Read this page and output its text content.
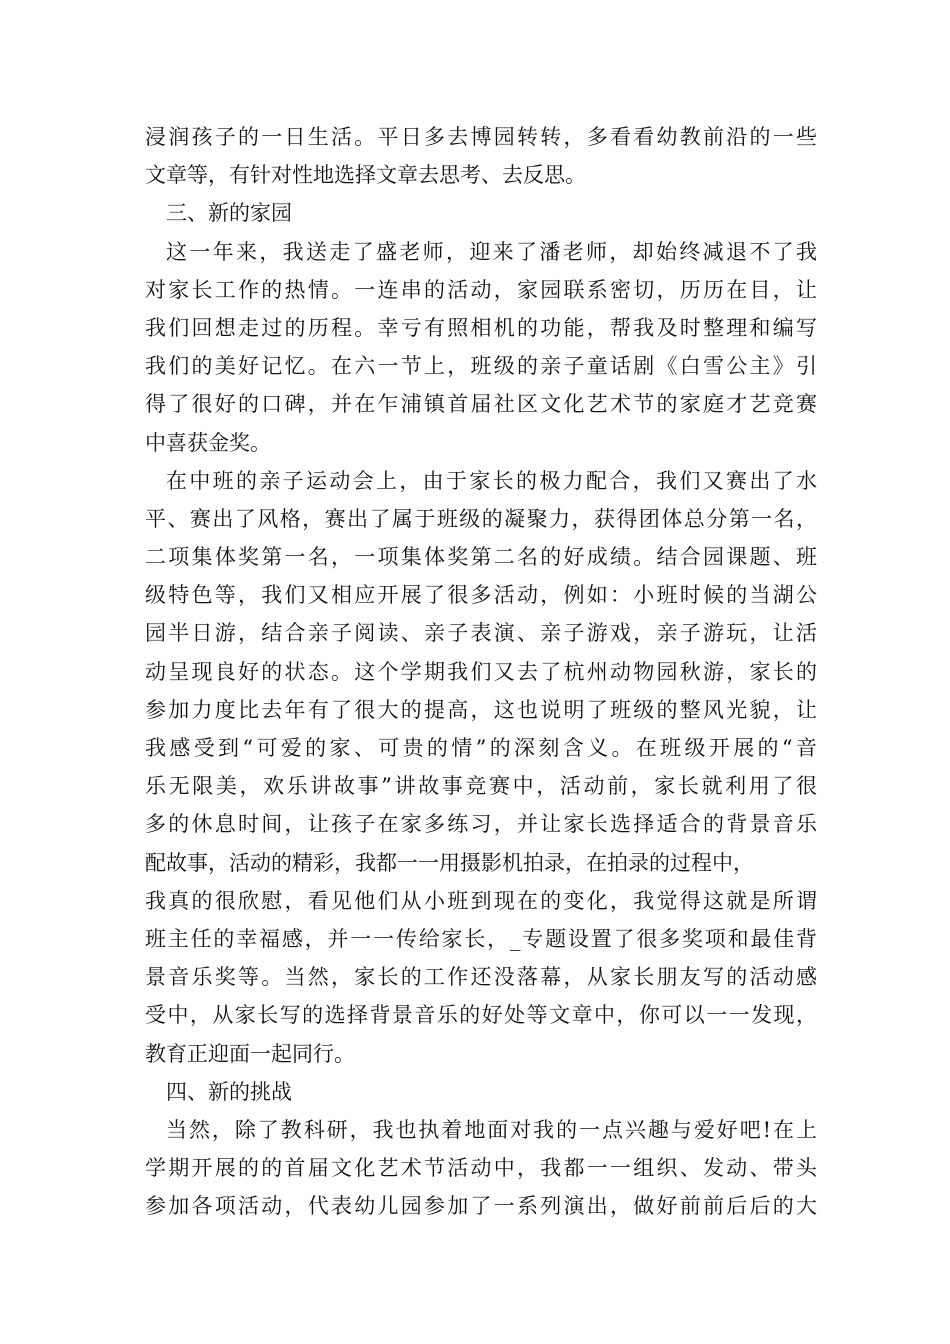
浸润孩子的一日生活。平日多去博园转转，多看看幼教前沿的一些
文章等，有针对性地选择文章去思考、去反思。
三、新的家园
这一年来，我送走了盛老师，迎来了潘老师，却始终减退不了我
对家长工作的热情。一连串的活动，家园联系密切，历历在目，让
我们回想走过的历程。幸亏有照相机的功能，帮我及时整理和编写
我们的美好记忆。在六一节上，班级的亲子童话剧《白雪公主》引
得了很好的口碑，并在乍浦镇首届社区文化艺术节的家庭才艺竞赛
中喜获金奖。
在中班的亲子运动会上，由于家长的极力配合，我们又赛出了水
平、赛出了风格，赛出了属于班级的凝聚力，获得团体总分第一名，
二项集体奖第一名，一项集体奖第二名的好成绩。结合园课题、班
级特色等，我们又相应开展了很多活动，例如：小班时候的当湖公
园半日游，结合亲子阅读、亲子表演、亲子游戏，亲子游玩，让活
动呈现良好的状态。这个学期我们又去了杭州动物园秋游，家长的
参加力度比去年有了很大的提高，这也说明了班级的整风光貌，让
我感受到“可爱的家、可贵的情”的深刻含义。在班级开展的“音
乐无限美，欢乐讲故事”讲故事竞赛中，活动前，家长就利用了很
多的休息时间，让孩子在家多练习，并让家长选择适合的背景音乐
配故事，活动的精彩，我都一一用摄影机拍录，在拍录的过程中，
我真的很欣慰，看见他们从小班到现在的变化，我觉得这就是所谓
班主任的幸福感，并一一传给家长，_专题设置了很多奖项和最佳背
景音乐奖等。当然，家长的工作还没落幕，从家长朋友写的活动感
受中，从家长写的选择背景音乐的好处等文章中，你可以一一发现，
教育正迎面一起同行。
四、新的挑战
当然，除了教科研，我也执着地面对我的一点兴趣与爱好吧!在上
学期开展的的首届文化艺术节活动中，我都一一组织、发动、带头
参加各项活动，代表幼儿园参加了一系列演出，做好前前后后的大
